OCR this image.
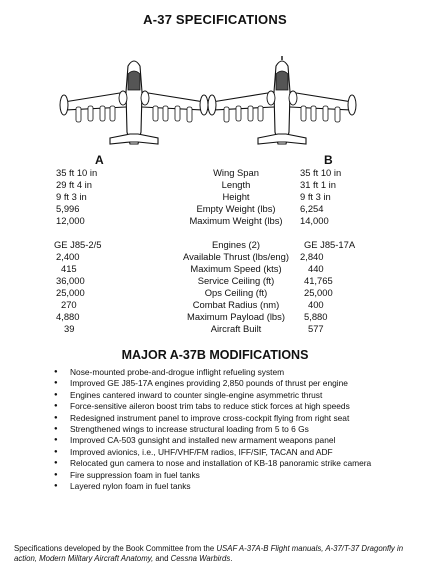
A-37 SPECIFICATIONS
A	B
35 ft 10 in	Wing Span	35 ft 10 in
29 ft 4 in	Length	31 ft 1 in
9 ft 3 in	Height	9 ft 3 in
5,996	Empty Weight (lbs)	6,254
12,000	Maximum Weight (lbs)	14,000
GE J85-2/5	Engines (2)	GE J85-17A
2,400	Available Thrust (lbs/eng)	2,840
415	Maximum Speed (kts)	440
36,000	Service Ceiling (ft)	41,765
25,000	Ops Ceiling (ft)	25,000
270	Combat Radius (nm)	400
4,880	Maximum Payload (lbs)	5,880
39	Aircraft Built	577
MAJOR A-37B MODIFICATIONS
● Nose-mounted probe-and-drogue inflight refueling system
● Improved GE J85-17A engines providing 2,850 pounds of thrust per engine
● Engines cantered inward to counter single-engine asymmetric thrust
● Force-sensitive aileron boost trim tabs to reduce stick forces at high speeds
● Redesigned instrument panel to improve cross-cockpit flying from right seat
● Strengthened wings to increase structural loading from 5 to 6 Gs
● Improved CA-503 gunsight and installed new armament weapons panel
● Improved avionics, i.e., UHF/VHF/FM radios, IFF/SIF, TACAN and ADF
● Relocated gun camera to nose and installation of KB-18 panoramic strike camera
● Fire suppression foam in fuel tanks
● Layered nylon foam in fuel tanks
Specifications developed by the Book Committee from the USAF A-37A-B Flight manuals, A-37/T-37 Dragonfly in action, Modern Military Aircraft Anatomy, and Cessna Warbirds.
